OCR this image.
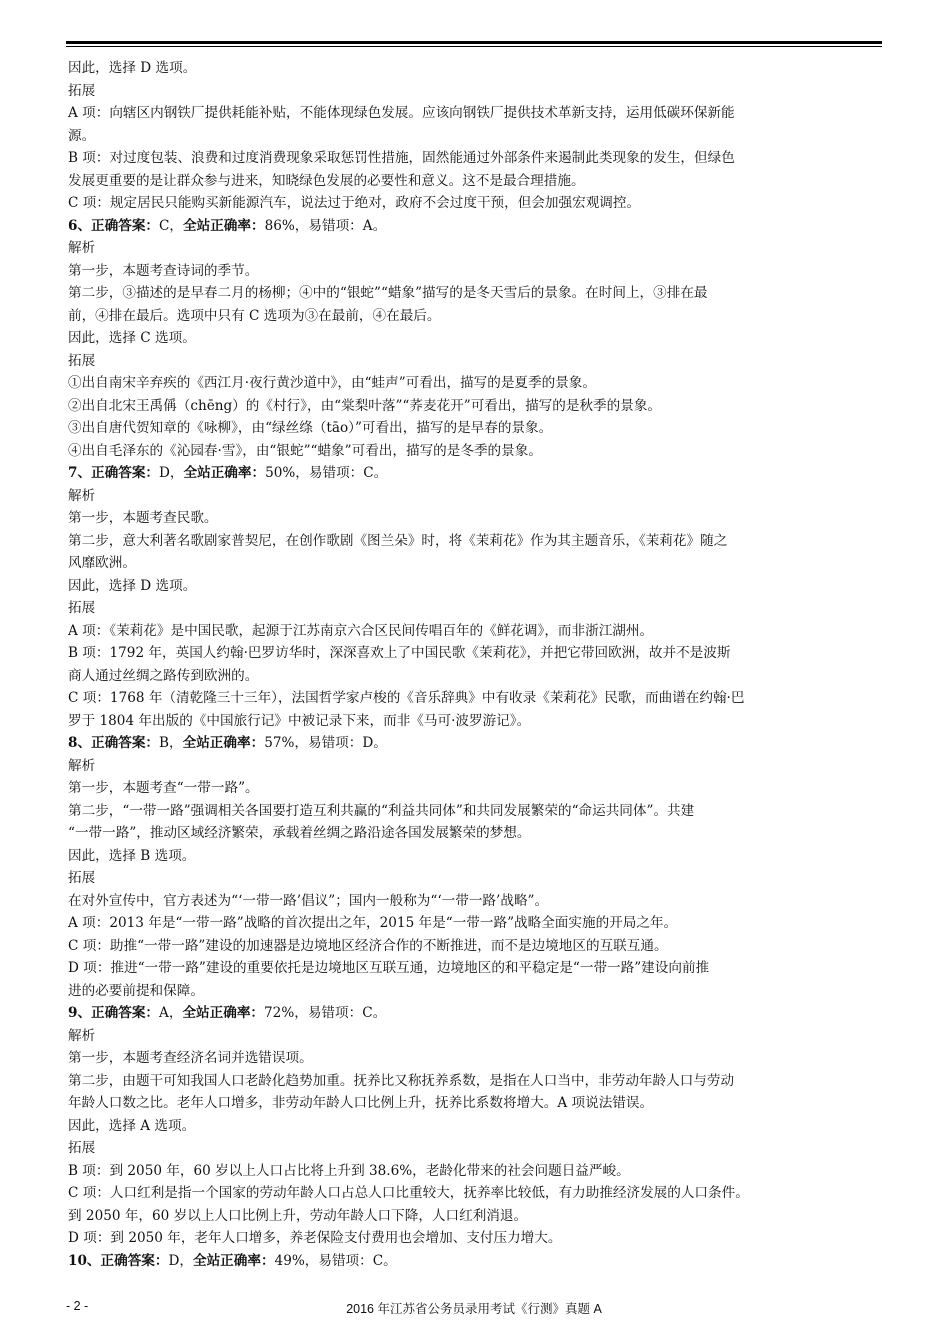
因此，选择 D 选项。
拓展
A 项：向辖区内钢铁厂提供耗能补贴，不能体现绿色发展。应该向钢铁厂提供技术革新支持，运用低碳环保新能
源。
B 项：对过度包装、浪费和过度消费现象采取惩罚性措施，固然能通过外部条件来遏制此类现象的发生，但绿色
发展更重要的是让群众参与进来，知晓绿色发展的必要性和意义。这不是最合理措施。
C 项：规定居民只能购买新能源汽车，说法过于绝对，政府不会过度干预，但会加强宏观调控。
6、正确答案：C，全站正确率：86%，易错项：A。
解析
第一步，本题考查诗词的季节。
第二步，③描述的是早春二月的杨柳；④中的“银蛇”“蜡象”描写的是冬天雪后的景象。在时间上，③排在最
前，④排在最后。选项中只有 C 选项为③在最前，④在最后。
因此，选择 C 选项。
拓展
①出自南宋辛弃疾的《西江月·夜行黄沙道中》，由“蛙声”可看出，描写的是夏季的景象。
②出自北宋王禹偁（chēng）的《村行》，由“棠梨叶落”“荞麦花开”可看出，描写的是秋季的景象。
③出自唐代贺知章的《咏柳》，由“绿丝绦（tāo）”可看出，描写的是早春的景象。
④出自毛泽东的《沁园春·雪》，由“银蛇”“蜡象”可看出，描写的是冬季的景象。
7、正确答案：D，全站正确率：50%，易错项：C。
解析
第一步，本题考查民歌。
第二步，意大利著名歌剧家普契尼，在创作歌剧《图兰朵》时，将《茉莉花》作为其主题音乐，《茉莉花》随之
风靡欧洲。
因此，选择 D 选项。
拓展
A 项：《茉莉花》是中国民歌，起源于江苏南京六合区民间传唱百年的《鲜花调》，而非浙江湖州。
B 项：1792 年，英国人约翰·巴罗访华时，深深喜欢上了中国民歌《茉莉花》，并把它带回欧洲，故并不是波斯
商人通过丝绸之路传到欧洲的。
C 项：1768 年（清乾隆三十三年），法国哲学家卢梭的《音乐辞典》中有收录《茉莉花》民歌，而曲谱在约翰·巴
罗于 1804 年出版的《中国旅行记》中被记录下来，而非《马可·波罗游记》。
8、正确答案：B，全站正确率：57%，易错项：D。
解析
第一步，本题考查“一带一路”。
第二步，“一带一路”强调相关各国要打造互利共赢的“利益共同体”和共同发展繁荣的“命运共同体”。共建
“一带一路”，推动区域经济繁荣，承载着丝绸之路沿途各国发展繁荣的梦想。
因此，选择 B 选项。
拓展
在对外宣传中，官方表述为“‘一带一路’倡议”；国内一般称为“‘一带一路’战略”。
A 项：2013 年是“一带一路”战略的首次提出之年，2015 年是“一带一路”战略全面实施的开局之年。
C 项：助推“一带一路”建设的加速器是边境地区经济合作的不断推进，而不是边境地区的互联互通。
D 项：推进“一带一路”建设的重要依托是边境地区互联互通，边境地区的和平稳定是“一带一路”建设向前推
进的必要前提和保障。
9、正确答案：A，全站正确率：72%，易错项：C。
解析
第一步，本题考查经济名词并选错误项。
第二步，由题干可知我国人口老龄化趋势加重。抚养比又称抚养系数，是指在人口当中，非劳动年龄人口与劳动
年龄人口数之比。老年人口增多，非劳动年龄人口比例上升，抚养比系数将增大。A 项说法错误。
因此，选择 A 选项。
拓展
B 项：到 2050 年，60 岁以上人口占比将上升到 38.6%，老龄化带来的社会问题日益严峻。
C 项：人口红利是指一个国家的劳动年龄人口占总人口比重较大，抚养率比较低，有力助推经济发展的人口条件。
到 2050 年，60 岁以上人口比例上升，劳动年龄人口下降，人口红利消退。
D 项：到 2050 年，老年人口增多，养老保险支付费用也会增加、支付压力增大。
10、正确答案：D，全站正确率：49%，易错项：C。
- 2 -	2016 年江苏省公务员录用考试《行测》真题 A
